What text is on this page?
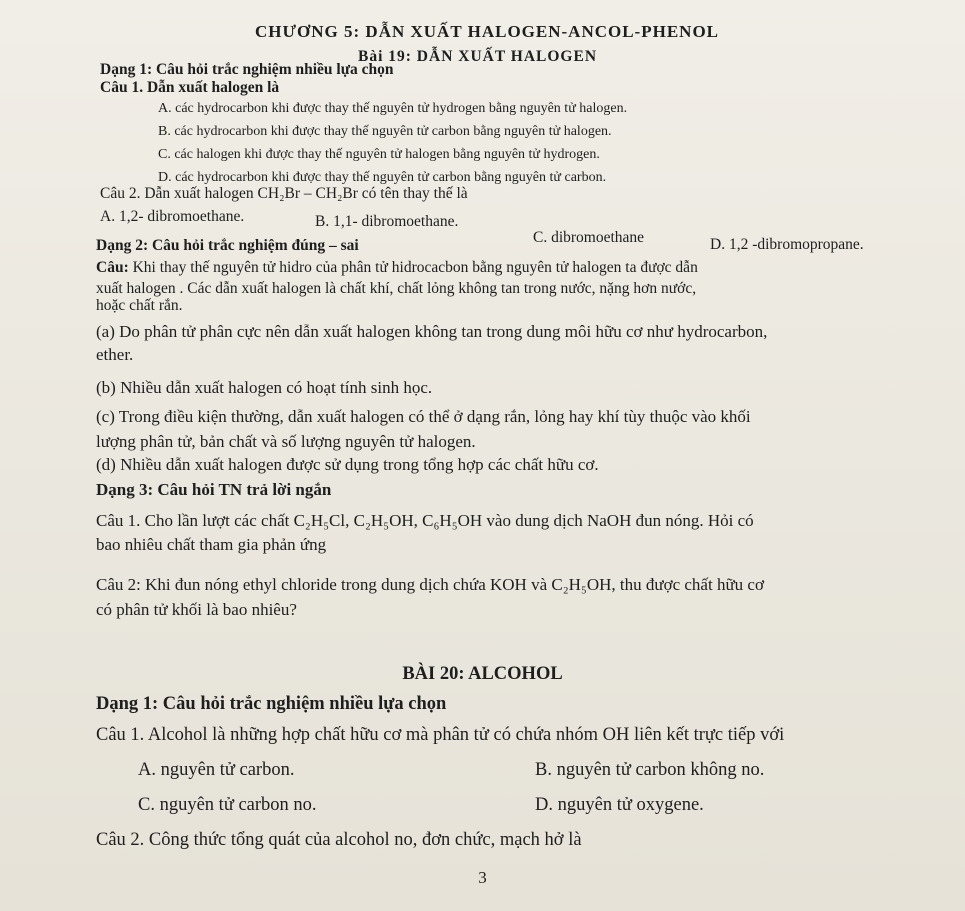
CHƯƠNG 5: DẪN XUẤT HALOGEN-ANCOL-PHENOL
Bài 19: DẪN XUẤT HALOGEN
Dạng 1: Câu hỏi trắc nghiệm nhiều lựa chọn
Câu 1. Dẫn xuất halogen là
A. các hydrocarbon khi được thay thế nguyên tử hydrogen bằng nguyên tử halogen.
B. các hydrocarbon khi được thay thế nguyên tử carbon bằng nguyên tử halogen.
C. các halogen khi được thay thế nguyên tử halogen bằng nguyên tử hydrogen.
D. các hydrocarbon khi được thay thế nguyên tử carbon bằng nguyên tử carbon.
Câu 2. Dẫn xuất halogen CH₂Br – CH₂Br có tên thay thế là
A. 1,2- dibromoethane.	B. 1,1- dibromoethane.
C. dibromoethane	D. 1,2 -dibromopropane.
Dạng 2: Câu hỏi trắc nghiệm đúng – sai
Câu: Khi thay thế nguyên tử hidro của phân tử hidrocacbon bằng nguyên tử halogen ta được dẫn
xuất halogen . Các dẫn xuất halogen là chất khí, chất lỏng không tan trong nước, nặng hơn nước,
hoặc chất rắn.
(a) Do phân tử phân cực nên dẫn xuất halogen không tan trong dung môi hữu cơ như hydrocarbon,
ether.
(b) Nhiều dẫn xuất halogen có hoạt tính sinh học.
(c) Trong điều kiện thường, dẫn xuất halogen có thể ở dạng rắn, lỏng hay khí tùy thuộc vào khối
lượng phân tử, bản chất và số lượng nguyên tử halogen.
(d) Nhiều dẫn xuất halogen được sử dụng trong tổng hợp các chất hữu cơ.
Dạng 3: Câu hỏi TN trả lời ngắn
Câu 1. Cho lần lượt các chất C₂H₅Cl, C₂H₅OH, C₆H₅OH vào dung dịch NaOH đun nóng. Hỏi có
bao nhiêu chất tham gia phản ứng
Câu 2: Khi đun nóng ethyl chloride trong dung dịch chứa KOH và C₂H₅OH, thu được chất hữu cơ
có phân tử khối là bao nhiêu?
BÀI 20: ALCOHOL
Dạng 1: Câu hỏi trắc nghiệm nhiều lựa chọn
Câu 1. Alcohol là những hợp chất hữu cơ mà phân tử có chứa nhóm OH liên kết trực tiếp với
A. nguyên tử carbon.	B. nguyên tử carbon không no.
C. nguyên tử carbon no.	D. nguyên tử oxygene.
Câu 2. Công thức tổng quát của alcohol no, đơn chức, mạch hở là
3
